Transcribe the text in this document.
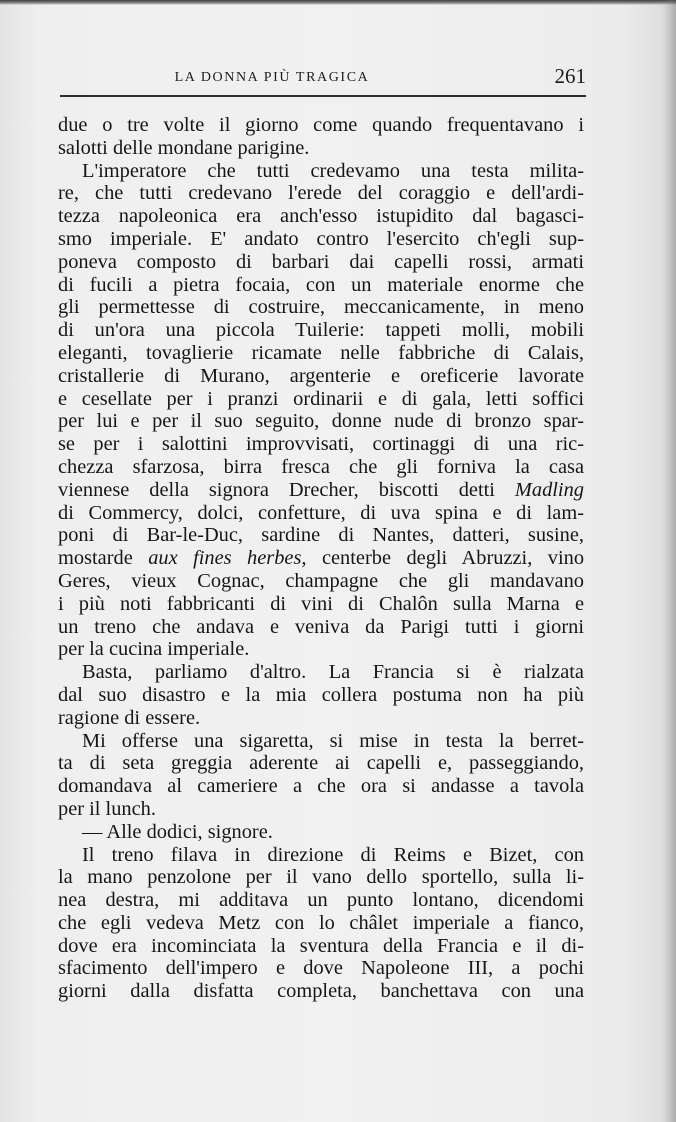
LA DONNA PIÙ TRAGICA	261
due o tre volte il giorno come quando frequentavano i
salotti delle mondane parigine.
L'imperatore che tutti credevamo una testa milita-
re, che tutti credevano l'erede del coraggio e dell'ardi-
tezza napoleonica era anch'esso istupidito dal bagasci-
smo imperiale. E' andato contro l'esercito ch'egli sup-
poneva composto di barbari dai capelli rossi, armati
di fucili a pietra focaia, con un materiale enorme che
gli permettesse di costruire, meccanicamente, in meno
di un'ora una piccola Tuilerie: tappeti molli, mobili
eleganti, tovaglierie ricamate nelle fabbriche di Calais,
cristallerie di Murano, argenterie e oreficerie lavorate
e cesellate per i pranzi ordinarii e di gala, letti soffici
per lui e per il suo seguito, donne nude di bronzo spar-
se per i salottini improvvisati, cortinaggi di una ric-
chezza sfarzosa, birra fresca che gli forniva la casa
viennese della signora Drecher, biscotti detti Madling
di Commercy, dolci, confetture, di uva spina e di lam-
poni di Bar-le-Duc, sardine di Nantes, datteri, susine,
mostarde aux fines herbes, centerbe degli Abruzzi, vino
Geres, vieux Cognac, champagne che gli mandavano
i più noti fabbricanti di vini di Chalôn sulla Marna e
un treno che andava e veniva da Parigi tutti i giorni
per la cucina imperiale.
Basta, parliamo d'altro. La Francia si è rialzata
dal suo disastro e la mia collera postuma non ha più
ragione di essere.
Mi offerse una sigaretta, si mise in testa la berret-
ta di seta greggia aderente ai capelli e, passeggiando,
domandava al cameriere a che ora si andasse a tavola
per il lunch.
— Alle dodici, signore.
Il treno filava in direzione di Reims e Bizet, con
la mano penzolone per il vano dello sportello, sulla li-
nea destra, mi additava un punto lontano, dicendomi
che egli vedeva Metz con lo châlet imperiale a fianco,
dove era incominciata la sventura della Francia e il di-
sfacimento dell'impero e dove Napoleone III, a pochi
giorni dalla disfatta completa, banchettava con una
